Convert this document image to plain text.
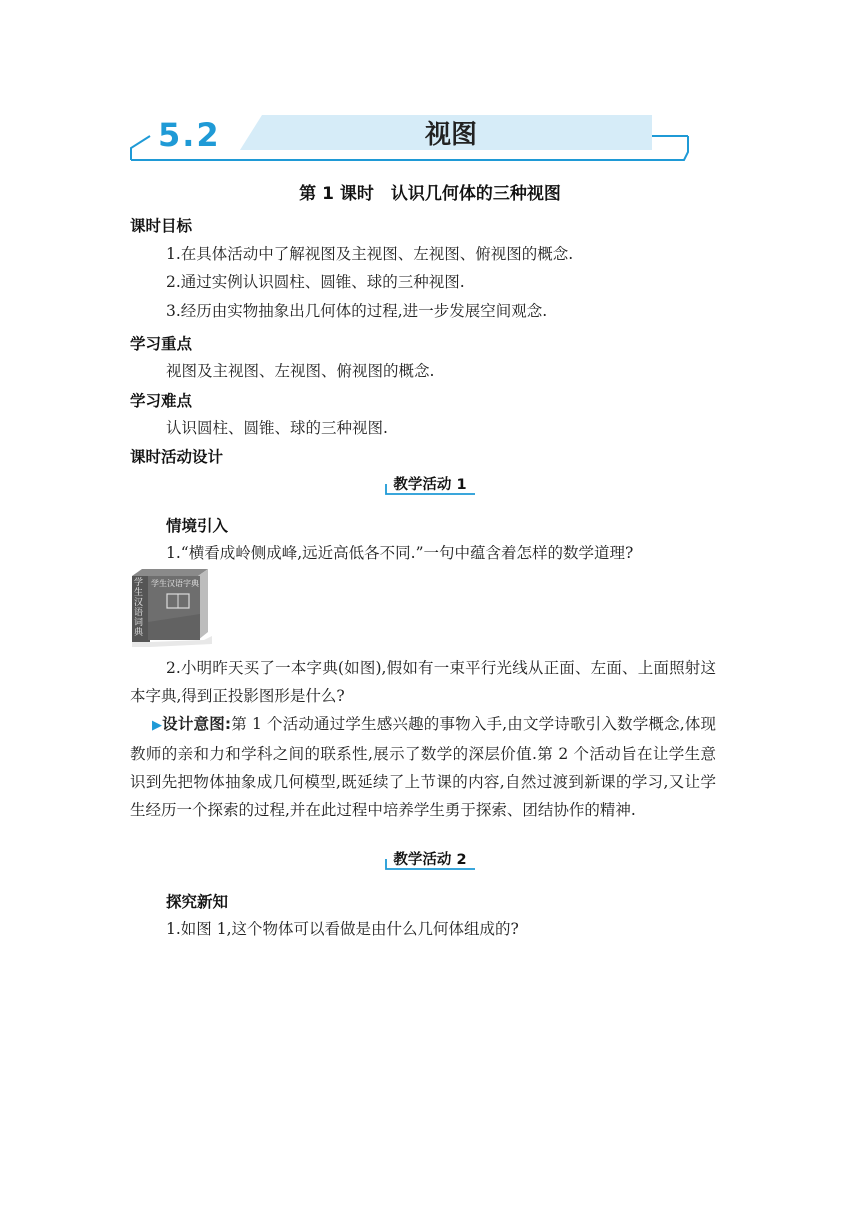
5.2	视图
第 1 课时　认识几何体的三种视图
课时目标
1.在具体活动中了解视图及主视图、左视图、俯视图的概念.
2.通过实例认识圆柱、圆锥、球的三种视图.
3.经历由实物抽象出几何体的过程,进一步发展空间观念.
学习重点
视图及主视图、左视图、俯视图的概念.
学习难点
认识圆柱、圆锥、球的三种视图.
课时活动设计
教学活动 1
情境引入
1.“横看成岭侧成峰,远近高低各不同.”一句中蕴含着怎样的数学道理?
学生汉语词典
学生汉语字典
2.小明昨天买了一本字典(如图),假如有一束平行光线从正面、左面、上面照射这本字典,得到正投影图形是什么?
▶设计意图:第 1 个活动通过学生感兴趣的事物入手,由文学诗歌引入数学概念,体现教师的亲和力和学科之间的联系性,展示了数学的深层价值.第 2 个活动旨在让学生意识到先把物体抽象成几何模型,既延续了上节课的内容,自然过渡到新课的学习,又让学生经历一个探索的过程,并在此过程中培养学生勇于探索、团结协作的精神.
教学活动 2
探究新知
1.如图 1,这个物体可以看做是由什么几何体组成的?
